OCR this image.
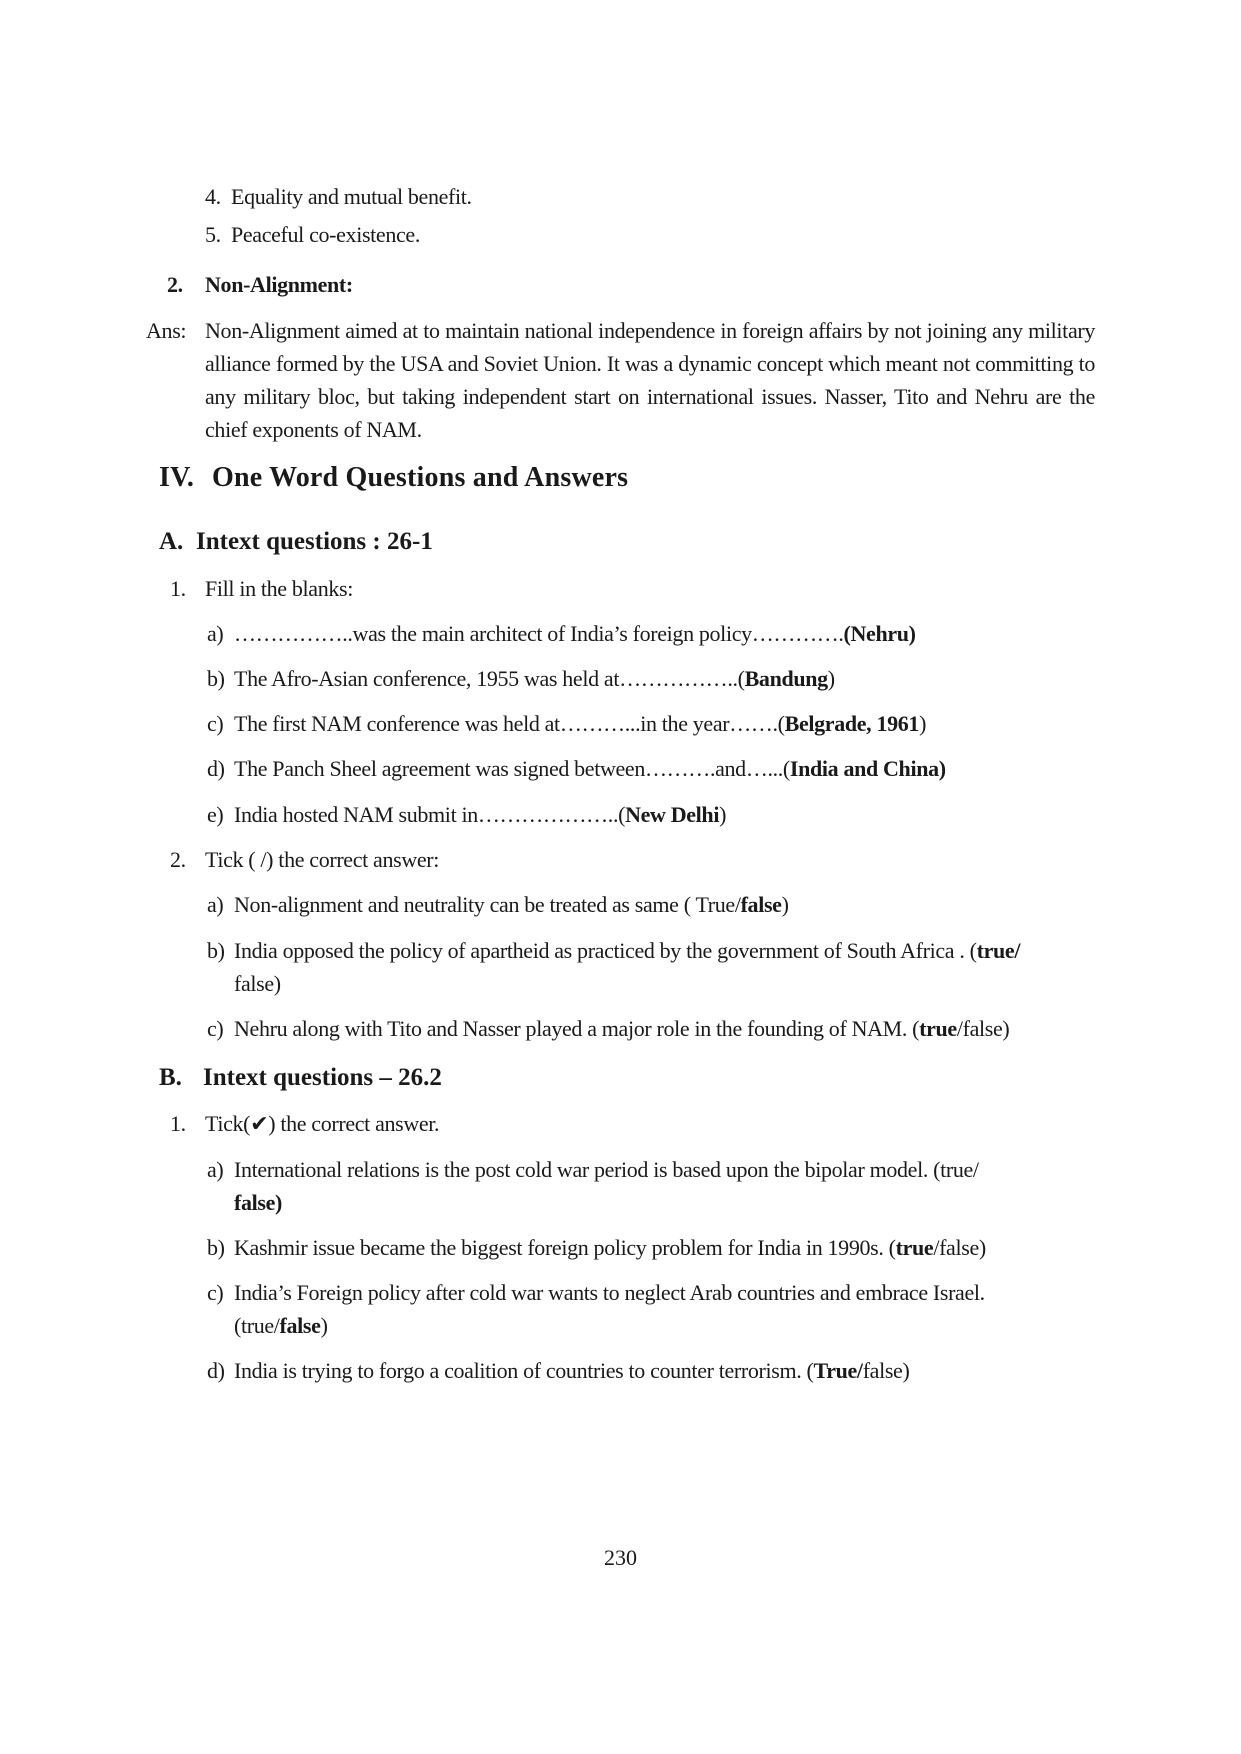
4. Equality and mutual benefit.
5. Peaceful co-existence.
2. Non-Alignment:
Ans: Non-Alignment aimed at to maintain national independence in foreign affairs by not joining any military alliance formed by the USA and Soviet Union. It was a dynamic concept which meant not committing to any military bloc, but taking independent start on international issues. Nasser, Tito and Nehru are the chief exponents of NAM.
IV. One Word Questions and Answers
A. Intext questions : 26-1
1. Fill in the blanks:
a) ……………..was the main architect of India’s foreign policy………….(Nehru)
b) The Afro-Asian conference, 1955 was held at……………..(Bandung)
c) The first NAM conference was held at………...in the year…….(Belgrade, 1961)
d) The Panch Sheel agreement was signed between……….and…...(India and China)
e) India hosted NAM submit in………………..(New Delhi)
2. Tick ( /) the correct answer:
a) Non-alignment and neutrality can be treated as same ( True/false)
b) India opposed the policy of apartheid as practiced by the government of South Africa . (true/
false)
c) Nehru along with Tito and Nasser played a major role in the founding of NAM. (true/false)
B. Intext questions – 26.2
1. Tick(✔) the correct answer.
a) International relations is the post cold war period is based upon the bipolar model. (true/
false)
b) Kashmir issue became the biggest foreign policy problem for India in 1990s. (true/false)
c) India’s Foreign policy after cold war wants to neglect Arab countries and embrace Israel.
(true/false)
d) India is trying to forgo a coalition of countries to counter terrorism. (True/false)
230
